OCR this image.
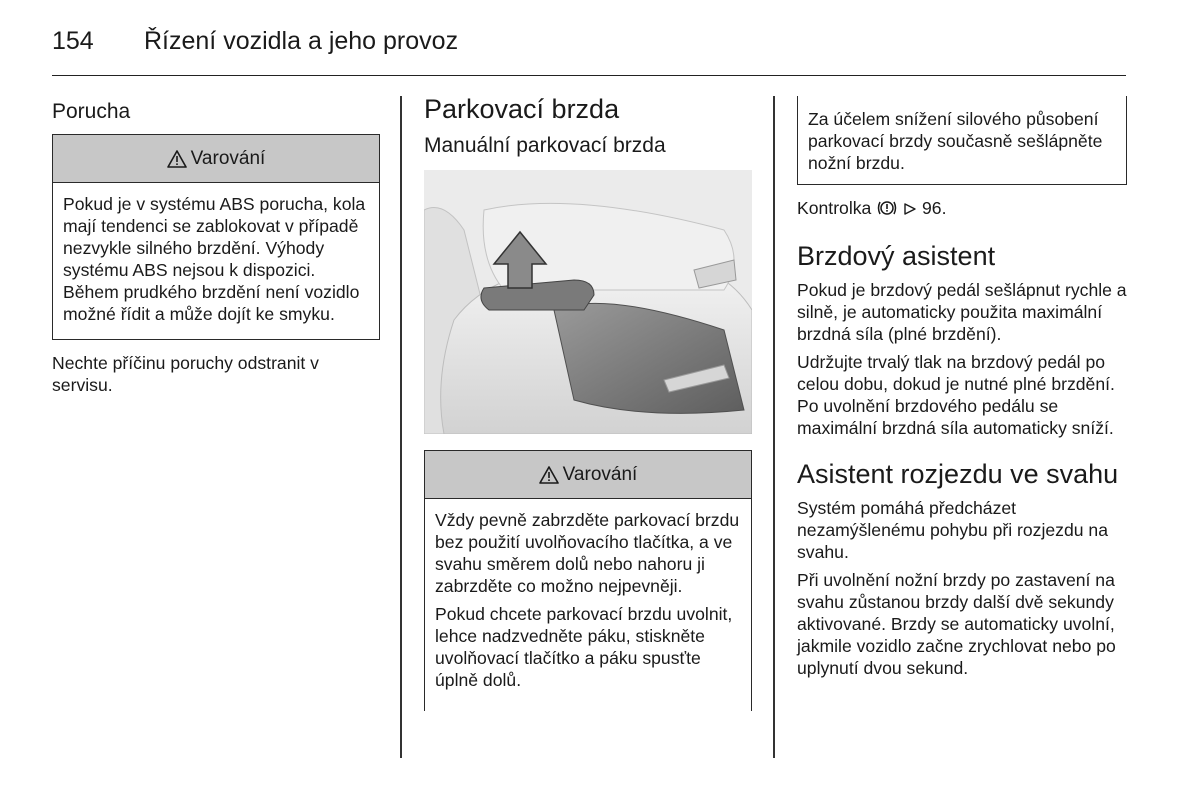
154 Řízení vozidla a jeho provoz
Porucha
Varování

Pokud je v systému ABS porucha, kola mají tendenci se zablokovat v případě nezvykle silného brzdění. Výhody systému ABS nejsou k dispozici. Během prudkého brzdění není vozidlo možné řídit a může dojít ke smyku.

Nechte příčinu poruchy odstranit v servisu.

Parkovací brzda
Manuální parkovací brzda
Varování

Vždy pevně zabrzděte parkovací brzdu bez použití uvolňovacího tlačítka, a ve svahu směrem dolů nebo nahoru ji zabrzděte co možno nejpevněji.

Pokud chcete parkovací brzdu uvolnit, lehce nadzvedněte páku, stiskněte uvolňovací tlačítko a páku spusťte úplně dolů.

Za účelem snížení silového působení parkovací brzdy současně sešlápněte nožní brzdu.

Kontrolka	96.

Brzdový asistent

Pokud je brzdový pedál sešlápnut rychle a silně, je automaticky použita maximální brzdná síla (plné brzdění).

Udržujte trvalý tlak na brzdový pedál po celou dobu, dokud je nutné plné brzdění. Po uvolnění brzdového pedálu se maximální brzdná síla automaticky sníží.

Asistent rozjezdu ve svahu

Systém pomáhá předcházet nezamýšlenému pohybu při rozjezdu na svahu.

Při uvolnění nožní brzdy po zastavení na svahu zůstanou brzdy další dvě sekundy aktivované. Brzdy se automaticky uvolní, jakmile vozidlo začne zrychlovat nebo po uplynutí dvou sekund.
